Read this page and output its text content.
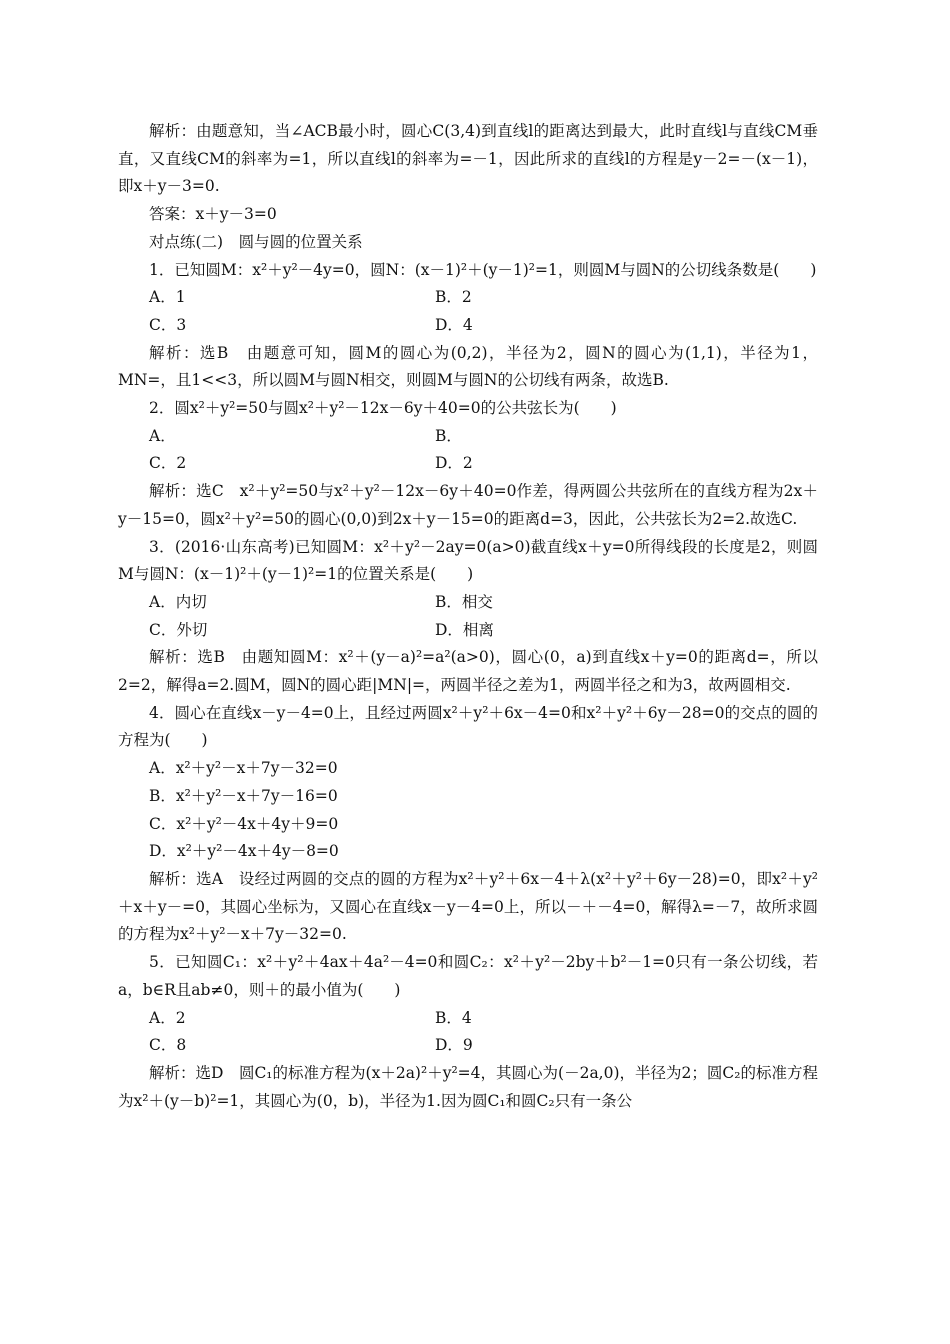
解析：由题意知，当∠ACB最小时，圆心C(3,4)到直线l的距离达到最大，此时直线l与直线CM垂直，又直线CM的斜率为=1，所以直线l的斜率为=－1，因此所求的直线l的方程是y－2=－(x－1)，即x＋y－3=0.

答案：x＋y－3=0

对点练(二)　圆与圆的位置关系

1．已知圆M：x²＋y²－4y=0，圆N：(x－1)²＋(y－1)²=1，则圆M与圆N的公切线条数是(　　)

A．1	B．2
C．3	D．4

解析：选B　由题意可知，圆M的圆心为(0,2)，半径为2，圆N的圆心为(1,1)，半径为1，MN=，且1<<3，所以圆M与圆N相交，则圆M与圆N的公切线有两条，故选B.

2．圆x²＋y²=50与圆x²＋y²－12x－6y＋40=0的公共弦长为(　　)

A．	B．
C．2	D．2

解析：选C　x²＋y²=50与x²＋y²－12x－6y＋40=0作差，得两圆公共弦所在的直线方程为2x＋y－15=0，圆x²＋y²=50的圆心(0,0)到2x＋y－15=0的距离d=3，因此，公共弦长为2=2.故选C.

3．(2016·山东高考)已知圆M：x²＋y²－2ay=0(a>0)截直线x＋y=0所得线段的长度是2，则圆M与圆N：(x－1)²＋(y－1)²=1的位置关系是(　　)

A．内切	B．相交
C．外切	D．相离

解析：选B　由题知圆M：x²＋(y－a)²=a²(a>0)，圆心(0，a)到直线x＋y=0的距离d=，所以2=2，解得a=2.圆M，圆N的圆心距|MN|=，两圆半径之差为1，两圆半径之和为3，故两圆相交.

4．圆心在直线x－y－4=0上，且经过两圆x²＋y²＋6x－4=0和x²＋y²＋6y－28=0的交点的圆的方程为(　　)

A．x²＋y²－x＋7y－32=0

B．x²＋y²－x＋7y－16=0

C．x²＋y²－4x＋4y＋9=0

D．x²＋y²－4x＋4y－8=0

解析：选A　设经过两圆的交点的圆的方程为x²＋y²＋6x－4＋λ(x²＋y²＋6y－28)=0，即x²＋y²＋x＋y－=0，其圆心坐标为，又圆心在直线x－y－4=0上，所以－＋－4=0，解得λ=－7，故所求圆的方程为x²＋y²－x＋7y－32=0.

5．已知圆C₁：x²＋y²＋4ax＋4a²－4=0和圆C₂：x²＋y²－2by＋b²－1=0只有一条公切线，若a，b∈R且ab≠0，则＋的最小值为(　　)

A．2	B．4
C．8	D．9

解析：选D　圆C₁的标准方程为(x＋2a)²＋y²=4，其圆心为(－2a,0)，半径为2；圆C₂的标准方程为x²＋(y－b)²=1，其圆心为(0，b)，半径为1.因为圆C₁和圆C₂只有一条公
